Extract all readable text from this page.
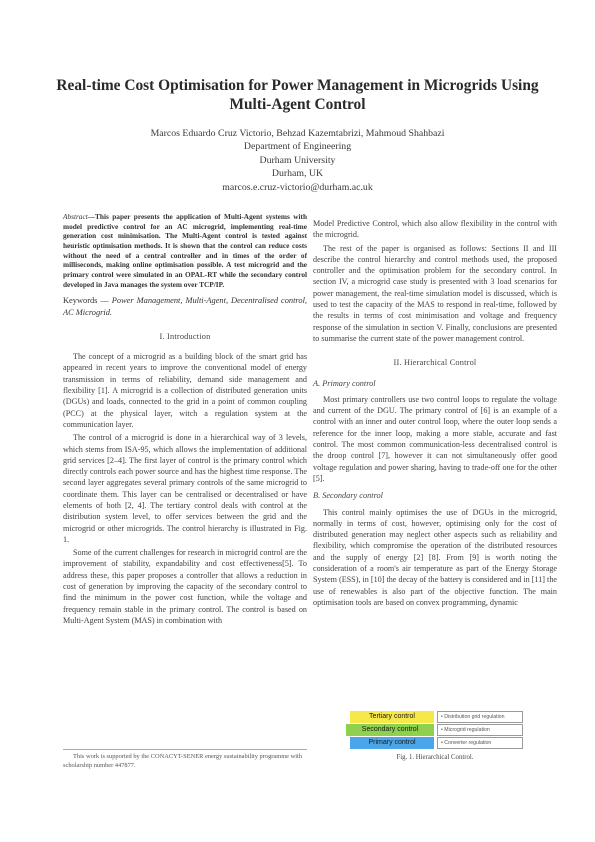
Real-time Cost Optimisation for Power Management in Microgrids Using Multi-Agent Control
Marcos Eduardo Cruz Victorio, Behzad Kazemtabrizi, Mahmoud Shahbazi
Department of Engineering
Durham University
Durham, UK
marcos.e.cruz-victorio@durham.ac.uk
Abstract—This paper presents the application of Multi-Agent systems with model predictive control for an AC microgrid, implementing real-time generation cost minimisation. The Multi-Agent control is tested against heuristic optimisation methods. It is shown that the control can reduce costs without the need of a central controller and in times of the order of milliseconds, making online optimisation possible. A test microgrid and the primary control were simulated in an OPAL-RT while the secondary control developed in Java manages the system over TCP/IP.
Keywords — Power Management, Multi-Agent, Decentralised control, AC Microgrid.
I. Introduction

The concept of a microgrid as a building block of the smart grid has appeared in recent years to improve the conventional model of energy transmission in terms of reliability, demand side management and flexibility [1]. A microgrid is a collection of distributed generation units (DGUs) and loads, connected to the grid in a point of common coupling (PCC) at the physical layer, witch a regulation system at the communication layer.

The control of a microgrid is done in a hierarchical way of 3 levels, which stems from ISA-95, which allows the implementation of additional grid services [2–4]. The first layer of control is the primary control which directly controls each power source and has the highest time response. The second layer aggregates several primary controls of the same microgrid to coordinate them. This layer can be centralised or decentralised or have elements of both [2, 4]. The tertiary control deals with control at the distribution system level, to offer services between the grid and the microgrid or other microgrids. The control hierarchy is illustrated in Fig. 1.

Some of the current challenges for research in microgrid control are the improvement of stability, expandability and cost effectiveness[5]. To address these, this paper proposes a controller that allows a reduction in cost of generation by improving the capacity of the secondary control to find the minimum in the power cost function, while the voltage and frequency remain stable in the primary control. The control is based on Multi-Agent System (MAS) in combination with

Model Predictive Control, which also allow flexibility in the control with the microgrid.

The rest of the paper is organised as follows: Sections II and III describe the control hierarchy and control methods used, the proposed controller and the optimisation problem for the secondary control. In section IV, a microgrid case study is presented with 3 load scenarios for power management, the real-time simulation model is discussed, which is used to test the capacity of the MAS to respond in real-time, followed by the results in terms of cost minimisation and voltage and frequency response of the simulation in section V. Finally, conclusions are presented to summarise the current state of the power management control.

II. Hierarchical Control
A. Primary control

Most primary controllers use two control loops to regulate the voltage and current of the DGU. The primary control of [6] is an example of a control with an inner and outer control loop, where the outer loop sends a reference for the inner loop, making a more stable, accurate and fast control. The most common communication-less decentralised control is the droop control [7], however it can not simultaneously offer good voltage regulation and power sharing, having to trade-off one for the other [5].

B. Secondary control

This control mainly optimises the use of DGUs in the microgrid, normally in terms of cost, however, optimising only for the cost of distributed generation may neglect other aspects such as reliability and flexibility, which compromise the operation of the distributed resources and the supply of energy [2] [8]. From [9] is worth noting the consideration of a room's air temperature as part of the Energy Storage System (ESS), in [10] the decay of the battery is considered and in [11] the use of renewables is also part of the objective function. The main optimisation tools are based on convex programming, dynamic

Tertiary control	• Distribution grid regulation
Secondary control	• Microgrid regulation
Primary control	• Converter regulation
Fig. 1. Hierarchical Control.
This work is supported by the CONACYT-SENER energy sustainability programme with scholarship number 447877.
